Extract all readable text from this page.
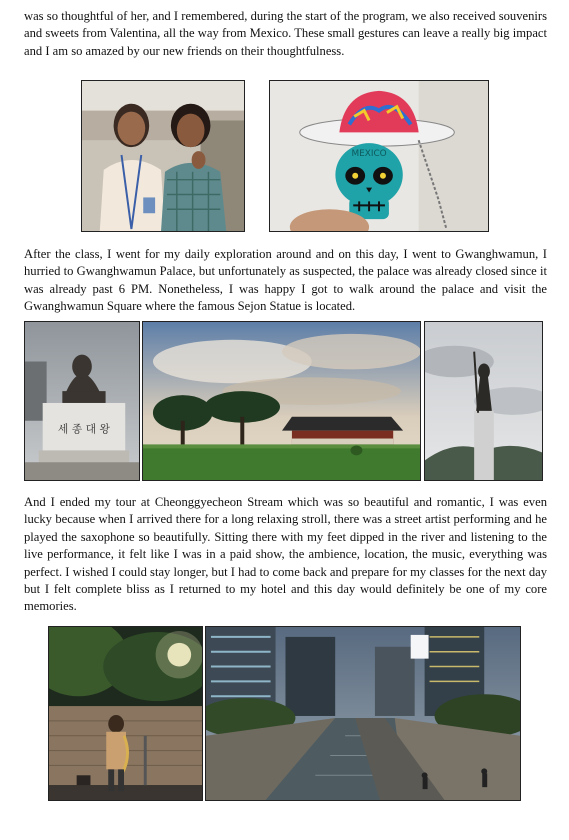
was so thoughtful of her, and I remembered, during the start of the program, we also received souvenirs and sweets from Valentina, all the way from Mexico. These small gestures can leave a really big impact and I am so amazed by our new friends on their thoughtfulness.

MEXICO

After the class, I went for my daily exploration around and on this day, I went to Gwanghwamun, I hurried to Gwanghwamun Palace, but unfortunately as suspected, the palace was already closed since it was already past 6 PM. Nonetheless, I was happy I got to walk around the palace and visit the Gwanghwamun Square where the famous Sejon Statue is located.

세 종 대 왕

And I ended my tour at Cheonggyecheon Stream which was so beautiful and romantic, I was even lucky because when I arrived there for a long relaxing stroll, there was a street artist performing and he played the saxophone so beautifully. Sitting there with my feet dipped in the river and listening to the live performance, it felt like I was in a paid show, the ambience, location, the music, everything was perfect. I wished I could stay longer, but I had to come back and prepare for my classes for the next day but I felt complete bliss as I returned to my hotel and this day would definitely be one of my core memories.
